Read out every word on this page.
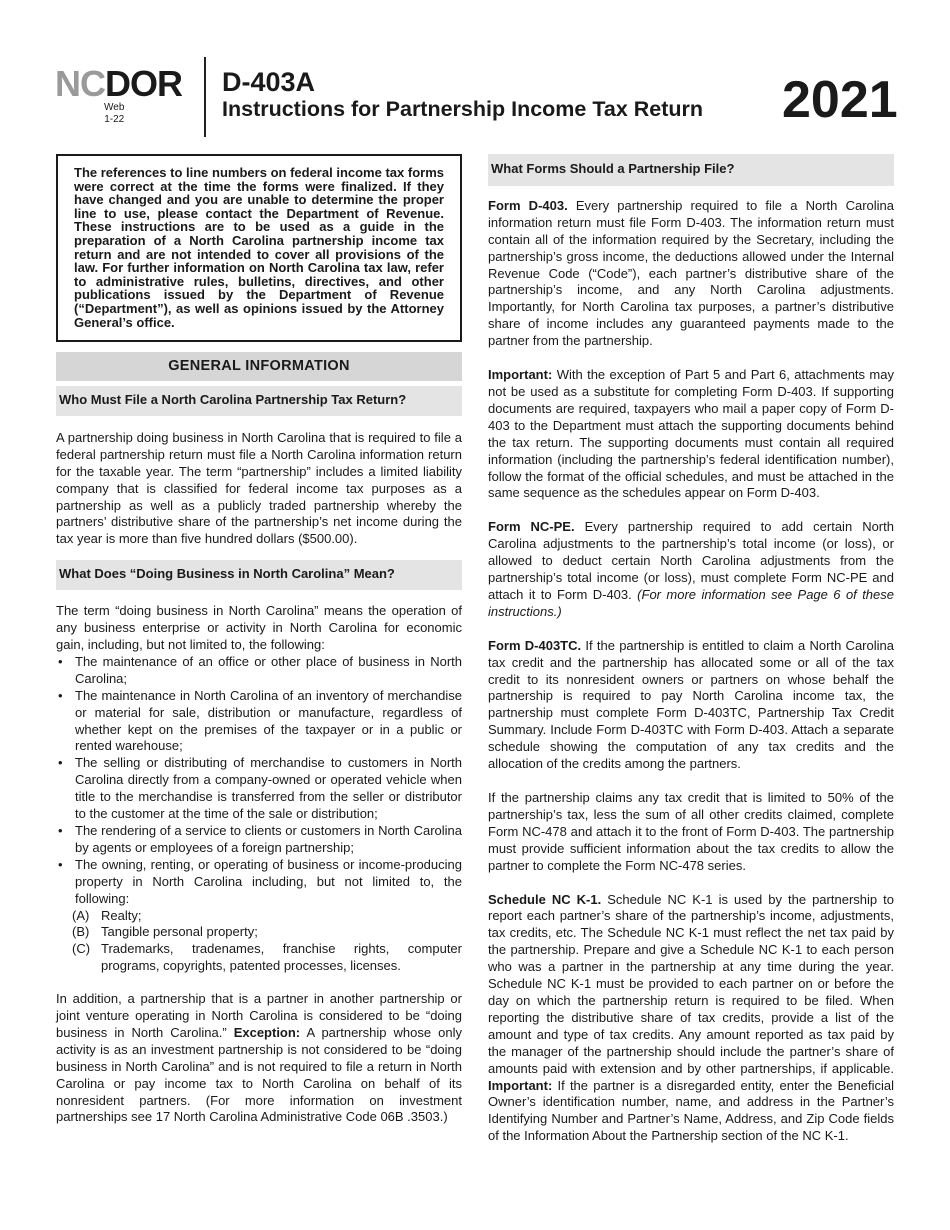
NCDOR
Web
1-22
D-403A
Instructions for Partnership Income Tax Return 2021
The references to line numbers on federal income tax forms were correct at the time the forms were finalized. If they have changed and you are unable to determine the proper line to use, please contact the Department of Revenue. These instructions are to be used as a guide in the preparation of a North Carolina partnership income tax return and are not intended to cover all provisions of the law. For further information on North Carolina tax law, refer to administrative rules, bulletins, directives, and other publications issued by the Department of Revenue (“Department”), as well as opinions issued by the Attorney General’s office.
GENERAL INFORMATION
Who Must File a North Carolina Partnership Tax Return?

A partnership doing business in North Carolina that is required to file a federal partnership return must file a North Carolina information return for the taxable year. The term “partnership” includes a limited liability company that is classified for federal income tax purposes as a partnership as well as a publicly traded partnership whereby the partners’ distributive share of the partnership’s net income during the tax year is more than five hundred dollars ($500.00).

What Does “Doing Business in North Carolina” Mean?

The term “doing business in North Carolina” means the operation of any business enterprise or activity in North Carolina for economic gain, including, but not limited to, the following:

• The maintenance of an office or other place of business in North Carolina;
• The maintenance in North Carolina of an inventory of merchandise or material for sale, distribution or manufacture, regardless of whether kept on the premises of the taxpayer or in a public or rented warehouse;
• The selling or distributing of merchandise to customers in North Carolina directly from a company-owned or operated vehicle when title to the merchandise is transferred from the seller or distributor to the customer at the time of the sale or distribution;
• The rendering of a service to clients or customers in North Carolina by agents or employees of a foreign partnership;
• The owning, renting, or operating of business or income-producing property in North Carolina including, but not limited to, the following:
(A) Realty;
(B) Tangible personal property;
(C) Trademarks, tradenames, franchise rights, computer programs, copyrights, patented processes, licenses.

In addition, a partnership that is a partner in another partnership or joint venture operating in North Carolina is considered to be “doing business in North Carolina.” Exception: A partnership whose only activity is as an investment partnership is not considered to be “doing business in North Carolina” and is not required to file a return in North Carolina or pay income tax to North Carolina on behalf of its nonresident partners. (For more information on investment partnerships see 17 North Carolina Administrative Code 06B .3503.)

What Forms Should a Partnership File?

Form D-403. Every partnership required to file a North Carolina information return must file Form D-403. The information return must contain all of the information required by the Secretary, including the partnership’s gross income, the deductions allowed under the Internal Revenue Code (“Code”), each partner’s distributive share of the partnership’s income, and any North Carolina adjustments. Importantly, for North Carolina tax purposes, a partner’s distributive share of income includes any guaranteed payments made to the partner from the partnership.

Important: With the exception of Part 5 and Part 6, attachments may not be used as a substitute for completing Form D-403. If supporting documents are required, taxpayers who mail a paper copy of Form D-403 to the Department must attach the supporting documents behind the tax return. The supporting documents must contain all required information (including the partnership’s federal identification number), follow the format of the official schedules, and must be attached in the same sequence as the schedules appear on Form D-403.

Form NC-PE. Every partnership required to add certain North Carolina adjustments to the partnership’s total income (or loss), or allowed to deduct certain North Carolina adjustments from the partnership’s total income (or loss), must complete Form NC-PE and attach it to Form D-403. (For more information see Page 6 of these instructions.)

Form D-403TC. If the partnership is entitled to claim a North Carolina tax credit and the partnership has allocated some or all of the tax credit to its nonresident owners or partners on whose behalf the partnership is required to pay North Carolina income tax, the partnership must complete Form D-403TC, Partnership Tax Credit Summary. Include Form D-403TC with Form D-403. Attach a separate schedule showing the computation of any tax credits and the allocation of the credits among the partners.

If the partnership claims any tax credit that is limited to 50% of the partnership’s tax, less the sum of all other credits claimed, complete Form NC-478 and attach it to the front of Form D-403. The partnership must provide sufficient information about the tax credits to allow the partner to complete the Form NC-478 series.

Schedule NC K-1. Schedule NC K-1 is used by the partnership to report each partner’s share of the partnership’s income, adjustments, tax credits, etc. The Schedule NC K-1 must reflect the net tax paid by the partnership. Prepare and give a Schedule NC K-1 to each person who was a partner in the partnership at any time during the year. Schedule NC K-1 must be provided to each partner on or before the day on which the partnership return is required to be filed. When reporting the distributive share of tax credits, provide a list of the amount and type of tax credits. Any amount reported as tax paid by the manager of the partnership should include the partner’s share of amounts paid with extension and by other partnerships, if applicable. Important: If the partner is a disregarded entity, enter the Beneficial Owner’s identification number, name, and address in the Partner’s Identifying Number and Partner’s Name, Address, and Zip Code fields of the Information About the Partnership section of the NC K-1.
